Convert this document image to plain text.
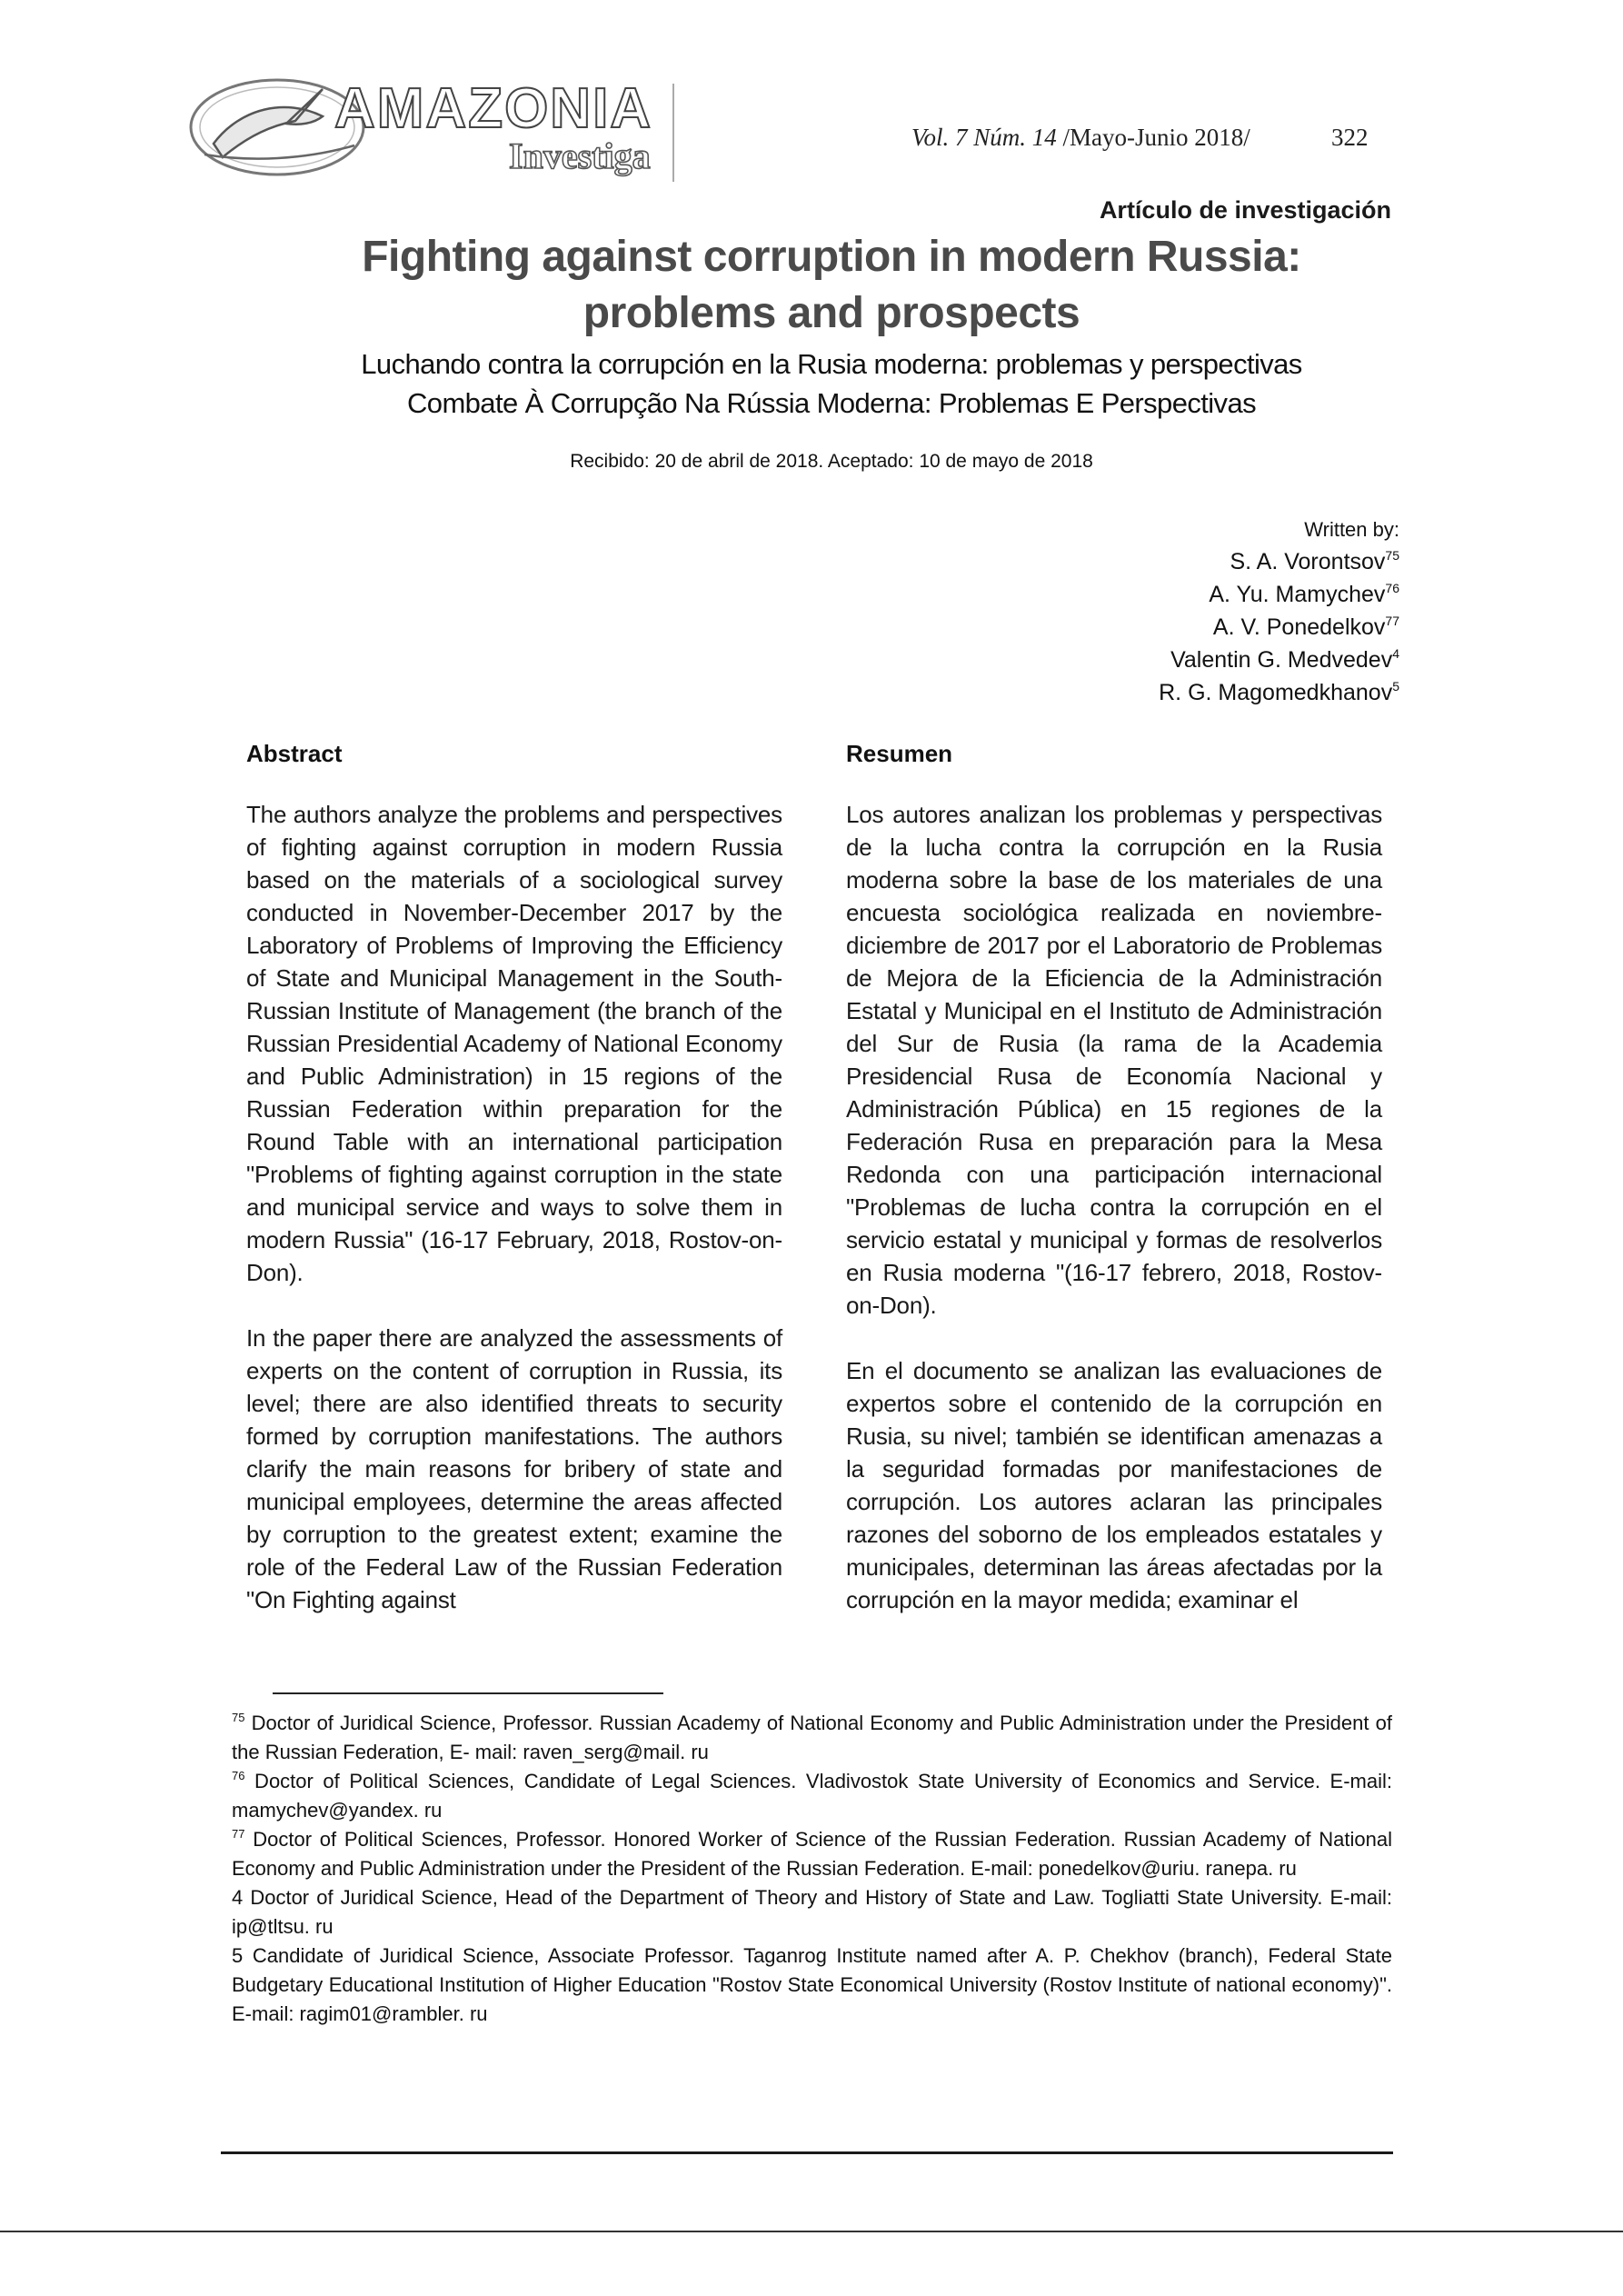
AMAZONIA
Investiga	Vol. 7 Núm. 14 /Mayo-Junio 2018/	322
Artículo de investigación
Fighting against corruption in modern Russia:
problems and prospects
Luchando contra la corrupción en la Rusia moderna: problemas y perspectivas
Combate À Corrupção Na Rússia Moderna: Problemas E Perspectivas
Recibido: 20 de abril de 2018. Aceptado: 10 de mayo de 2018
Written by:
S. A. Vorontsov$^{75}$
A. Yu. Mamychev$^{76}$
A. V. Ponedelkov$^{77}$
Valentin G. Medvedev$^4$
R. G. Magomedkhanov$^5$
Abstract

The authors analyze the problems and perspectives of fighting against corruption in modern Russia based on the materials of a sociological survey conducted in November-December 2017 by the Laboratory of Problems of Improving the Efficiency of State and Municipal Management in the South-Russian Institute of Management (the branch of the Russian Presidential Academy of National Economy and Public Administration) in 15 regions of the Russian Federation within preparation for the Round Table with an international participation "Problems of fighting against corruption in the state and municipal service and ways to solve them in modern Russia" (16-17 February, 2018, Rostov-on-Don).

In the paper there are analyzed the assessments of experts on the content of corruption in Russia, its level; there are also identified threats to security formed by corruption manifestations. The authors clarify the main reasons for bribery of state and municipal employees, determine the areas affected by corruption to the greatest extent; examine the role of the Federal Law of the Russian Federation "On Fighting against

Resumen

Los autores analizan los problemas y perspectivas de la lucha contra la corrupción en la Rusia moderna sobre la base de los materiales de una encuesta sociológica realizada en noviembre-diciembre de 2017 por el Laboratorio de Problemas de Mejora de la Eficiencia de la Administración Estatal y Municipal en el Instituto de Administración del Sur de Rusia (la rama de la Academia Presidencial Rusa de Economía Nacional y Administración Pública) en 15 regiones de la Federación Rusa en preparación para la Mesa Redonda con una participación internacional "Problemas de lucha contra la corrupción en el servicio estatal y municipal y formas de resolverlos en Rusia moderna "(16-17 febrero, 2018, Rostov-on-Don).

En el documento se analizan las evaluaciones de expertos sobre el contenido de la corrupción en Rusia, su nivel; también se identifican amenazas a la seguridad formadas por manifestaciones de corrupción. Los autores aclaran las principales razones del soborno de los empleados estatales y municipales, determinan las áreas afectadas por la corrupción en la mayor medida; examinar el

$^{75}$ Doctor of Juridical Science, Professor. Russian Academy of National Economy and Public Administration under the President of the Russian Federation, E- mail: raven_serg@mail. ru

$^{76}$ Doctor of Political Sciences, Candidate of Legal Sciences. Vladivostok State University of Economics and Service. E-mail: mamychev@yandex. ru

$^{77}$ Doctor of Political Sciences, Professor. Honored Worker of Science of the Russian Federation. Russian Academy of National Economy and Public Administration under the President of the Russian Federation. E-mail: ponedelkov@uriu. ranepa. ru

4 Doctor of Juridical Science, Head of the Department of Theory and History of State and Law. Togliatti State University. E-mail: ip@tltsu. ru

5 Candidate of Juridical Science, Associate Professor. Taganrog Institute named after A. P. Chekhov (branch), Federal State Budgetary Educational Institution of Higher Education "Rostov State Economical University (Rostov Institute of national economy)". E-mail: ragim01@rambler. ru
